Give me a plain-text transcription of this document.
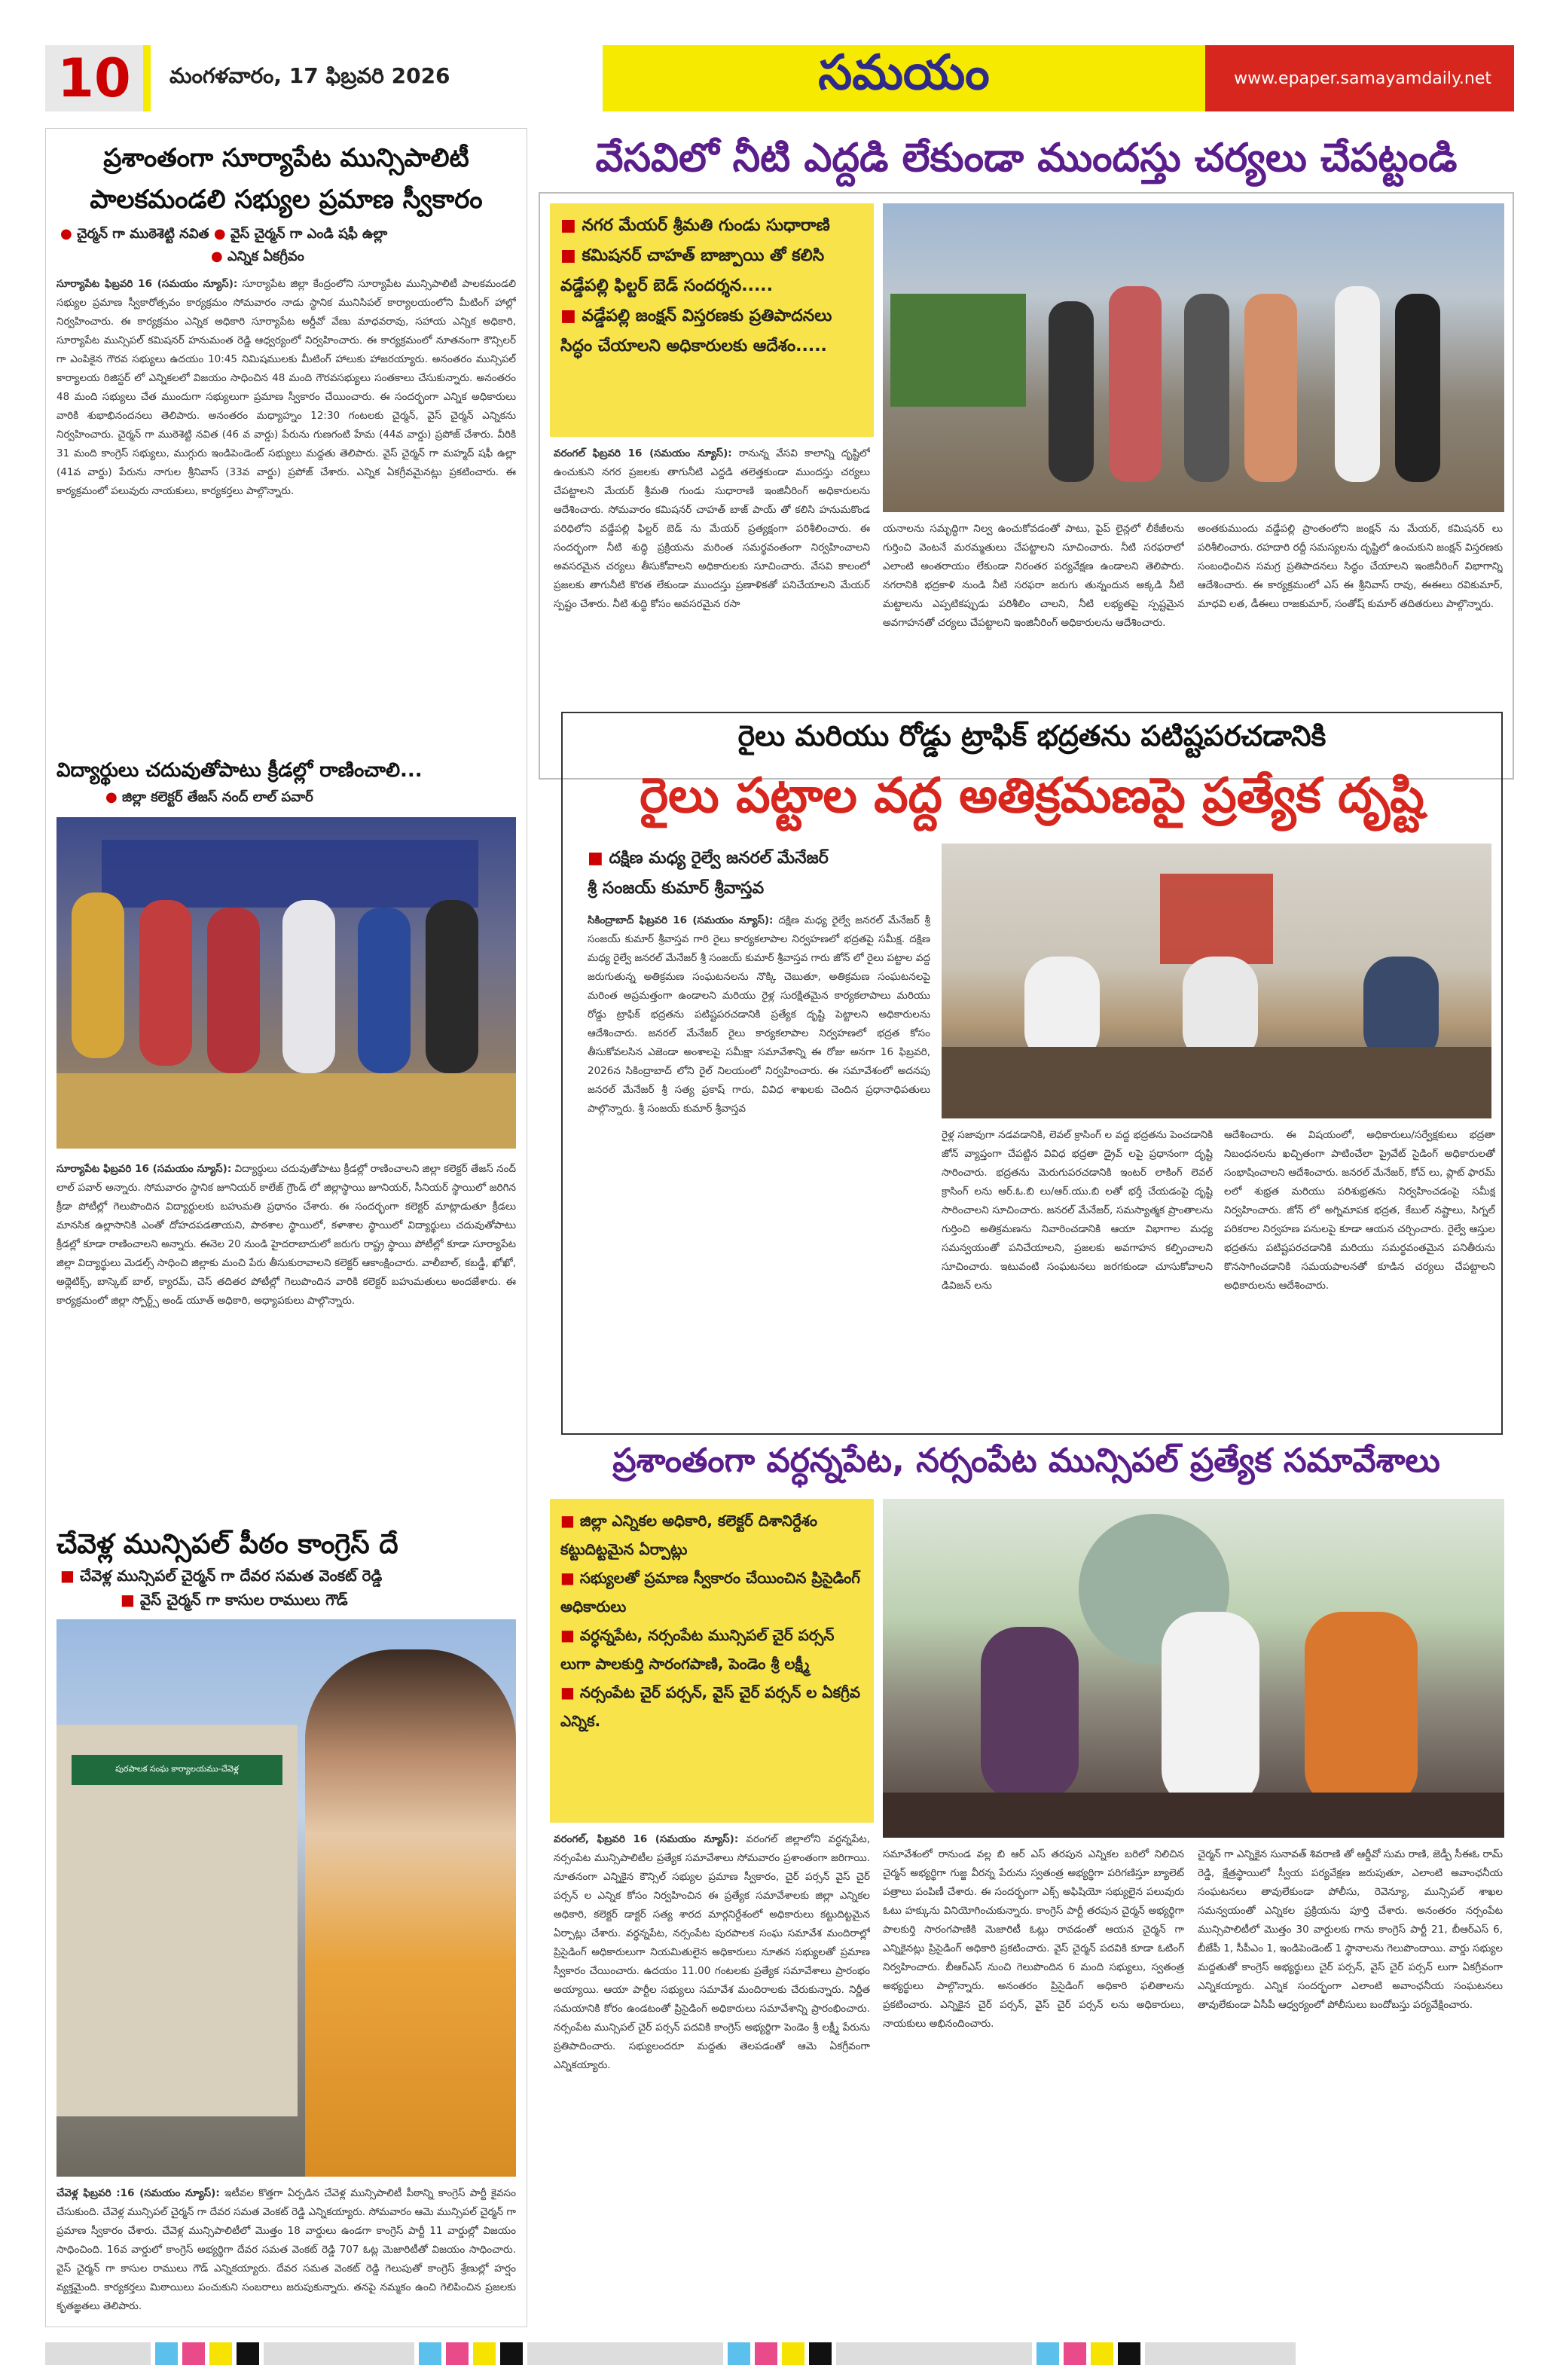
10	మంగళవారం, 17 ఫిబ్రవరి 2026	సమయం	www.epaper.samayamdaily.net
ప్రశాంతంగా సూర్యాపేట మున్సిపాలిటీ
పాలకమండలి సభ్యుల ప్రమాణ స్వీకారం
● చైర్మన్ గా ముఠెశెట్టి నవిత ● వైస్ చైర్మన్ గా ఎండి షఫీ ఉల్లా
● ఎన్నిక ఏకగ్రీవం
సూర్యాపేట ఫిబ్రవరి 16 (సమయం న్యూస్): సూర్యాపేట జిల్లా కేంద్రంలోని సూర్యాపేట మున్సిపాలిటీ పాలకమండలి సభ్యుల ప్రమాణ స్వీకారోత్సవం కార్యక్రమం సోమవారం నాడు స్థానిక మునిసిపల్ కార్యాలయంలోని మీటింగ్ హాల్లో నిర్వహించారు. ఈ కార్యక్రమం ఎన్నిక అధికారి సూర్యాపేట అర్డీవో వేణు మాధవరావు, సహాయ ఎన్నిక అధికారి, సూర్యాపేట మున్సిపల్ కమిషనర్ హనుమంత రెడ్డి ఆధ్వర్యంలో నిర్వహించారు. ఈ కార్యక్రమంలో నూతనంగా కౌన్సిలర్ గా ఎంపికైన గౌరవ సభ్యులు ఉదయం 10:45 నిమిషములకు మీటింగ్ హాలుకు హాజరయ్యారు. అనంతరం మున్సిపల్ కార్యాలయ రిజిస్టర్ లో ఎన్నికలలో విజయం సాధించిన 48 మంది గౌరవసభ్యులు సంతకాలు చేసుకున్నారు. అనంతరం 48 మంది సభ్యులు చేత ముందుగా సభ్యులుగా ప్రమాణ స్వీకారం చేయించారు. ఈ సందర్భంగా ఎన్నిక అధికారులు వారికి శుభాభినందనలు తెలిపారు. అనంతరం మధ్యాహ్నం 12:30 గంటలకు చైర్మన్, వైస్ చైర్మన్ ఎన్నికను నిర్వహించారు. చైర్మన్ గా ముఠెశెట్టి నవిత (46 వ వార్డు) పేరును గుణగంటి హేమ (44వ వార్డు) ప్రపోజ్ చేశారు. వీరికి 31 మంది కాంగ్రెస్ సభ్యులు, ముగ్గురు ఇండిపెండెంట్ సభ్యులు మద్దతు తెలిపారు. వైస్ చైర్మన్ గా మహ్మద్ షఫీ ఉల్లా (41వ వార్డు) పేరును నాగుల శ్రీనివాస్ (33వ వార్డు) ప్రపోజ్ చేశారు. ఎన్నిక ఏకగ్రీవమైనట్లు ప్రకటించారు. ఈ కార్యక్రమంలో పలువురు నాయకులు, కార్యకర్తలు పాల్గొన్నారు.
విద్యార్థులు చదువుతోపాటు క్రీడల్లో రాణించాలి...
● జిల్లా కలెక్టర్ తేజస్ నంద్ లాల్ పవార్
సూర్యాపేట ఫిబ్రవరి 16 (సమయం న్యూస్): విద్యార్థులు చదువుతోపాటు క్రీడల్లో రాణించాలని జిల్లా కలెక్టర్ తేజస్ నంద్ లాల్ పవార్ అన్నారు. సోమవారం స్థానిక జూనియర్ కాలేజ్ గ్రౌండ్ లో జిల్లాస్థాయి జూనియర్, సీనియర్ స్థాయిలో జరిగిన క్రీడా పోటీల్లో గెలుపొందిన విద్యార్థులకు బహుమతి ప్రధానం చేశారు. ఈ సందర్భంగా కలెక్టర్ మాట్లాడుతూ క్రీడలు మానసిక ఉల్లాసానికి ఎంతో దోహదపడతాయని, పాఠశాల స్థాయిలో, కళాశాల స్థాయిలో విద్యార్థులు చదువుతోపాటు క్రీడల్లో కూడా రాణించాలని అన్నారు. ఈనెల 20 నుండి హైదరాబాదులో జరుగు రాష్ట్ర స్థాయి పోటీల్లో కూడా సూర్యాపేట జిల్లా విద్యార్థులు మెడల్స్ సాధించి జిల్లాకు మంచి పేరు తీసుకురావాలని కలెక్టర్ ఆకాంక్షించారు. వాలీబాల్, కబడ్డీ, ఖోఖో, అథ్లెటిక్స్, బాస్కెట్ బాల్, క్యారమ్, చెస్ తదితర పోటీల్లో గెలుపొందిన వారికి కలెక్టర్ బహుమతులు అందజేశారు. ఈ కార్యక్రమంలో జిల్లా స్పోర్ట్స్ అండ్ యూత్ అధికారి, అధ్యాపకులు పాల్గొన్నారు.
చేవెళ్ల మున్సిపల్ పీఠం కాంగ్రెస్ దే
■ చేవెళ్ల మున్సిపల్ చైర్మన్ గా దేవర సమత వెంకట్ రెడ్డి
■ వైస్ చైర్మన్ గా కాసుల రాములు గౌడ్
పురపాలక సంఘ కార్యాలయము-చేవెళ్ల
చేవెళ్ల ఫిబ్రవరి :16 (సమయం న్యూస్): ఇటీవల కొత్తగా ఏర్పడిన చేవెళ్ల మున్సిపాలిటీ పీఠాన్ని కాంగ్రెస్ పార్టీ కైవసం చేసుకుంది. చేవెళ్ల మున్సిపల్ చైర్మన్ గా దేవర సమత వెంకట్ రెడ్డి ఎన్నికయ్యారు. సోమవారం ఆమె మున్సిపల్ చైర్మన్ గా ప్రమాణ స్వీకారం చేశారు. చేవెళ్ల మున్సిపాలిటీలో మొత్తం 18 వార్డులు ఉండగా కాంగ్రెస్ పార్టీ 11 వార్డుల్లో విజయం సాధించింది. 16వ వార్డులో కాంగ్రెస్ అభ్యర్థిగా దేవర సమత వెంకట్ రెడ్డి 707 ఓట్ల మెజారిటీతో విజయం సాధించారు. వైస్ చైర్మన్ గా కాసుల రాములు గౌడ్ ఎన్నికయ్యారు. దేవర సమత వెంకట్ రెడ్డి గెలుపుతో కాంగ్రెస్ శ్రేణుల్లో హర్షం వ్యక్తమైంది. కార్యకర్తలు మిఠాయిలు పంచుకుని సంబరాలు జరుపుకున్నారు. తనపై నమ్మకం ఉంచి గెలిపించిన ప్రజలకు కృతజ్ఞతలు తెలిపారు.
వేసవిలో నీటి ఎద్దడి లేకుండా ముందస్తు చర్యలు చేపట్టండి
■ నగర మేయర్ శ్రీమతి గుండు సుధారాణి
■ కమిషనర్ చాహత్ బాజ్పాయి తో కలిసి వడ్డేపల్లి ఫిల్టర్ బెడ్ సందర్శన.....
■ వడ్డేపల్లి జంక్షన్ విస్తరణకు ప్రతిపాదనలు సిద్ధం చేయాలని అధికారులకు ఆదేశం.....
వరంగల్ ఫిబ్రవరి 16 (సమయం న్యూస్): రానున్న వేసవి కాలాన్ని దృష్టిలో ఉంచుకుని నగర ప్రజలకు తాగునీటి ఎద్దడి తలెత్తకుండా ముందస్తు చర్యలు చేపట్టాలని మేయర్ శ్రీమతి గుండు సుధారాణి ఇంజినీరింగ్ అధికారులను ఆదేశించారు. సోమవారం కమిషనర్ చాహత్ బాజ్ పాయ్ తో కలిసి హనుమకొండ పరిధిలోని వడ్డేపల్లి ఫిల్టర్ బెడ్ ను మేయర్ ప్రత్యక్షంగా పరిశీలించారు. ఈ సందర్భంగా నీటి శుద్ధి ప్రక్రియను మరింత సమర్థవంతంగా నిర్వహించాలని అవసరమైన చర్యలు తీసుకోవాలని అధికారులకు సూచించారు. వేసవి కాలంలో ప్రజలకు తాగునీటి కొరత లేకుండా ముందస్తు ప్రణాళికతో పనిచేయాలని మేయర్ స్పష్టం చేశారు. నీటి శుద్ధి కోసం అవసరమైన రసా
యనాలను సమృద్ధిగా నిల్వ ఉంచుకోవడంతో పాటు, పైప్ లైన్లలో లీకేజీలను గుర్తించి వెంటనే మరమ్మతులు చేపట్టాలని సూచించారు. నీటి సరఫరాలో ఎలాంటి అంతరాయం లేకుండా నిరంతర పర్యవేక్షణ ఉండాలని తెలిపారు. నగరానికి భద్రకాళి నుండి నీటి సరఫరా జరుగు తున్నందున అక్కడి నీటి మట్టాలను ఎప్పటికప్పుడు పరిశీలిం చాలని, నీటి లభ్యతపై స్పష్టమైన అవగాహనతో చర్యలు చేపట్టాలని ఇంజినీరింగ్ అధికారులను ఆదేశించారు.
అంతకుముందు వడ్డేపల్లి ప్రాంతంలోని జంక్షన్ ను మేయర్, కమిషనర్ లు పరిశీలించారు. రహదారి రద్దీ సమస్యలను దృష్టిలో ఉంచుకుని జంక్షన్ విస్తరణకు సంబంధించిన సమగ్ర ప్రతిపాదనలు సిద్ధం చేయాలని ఇంజినీరింగ్ విభాగాన్ని ఆదేశించారు. ఈ కార్యక్రమంలో ఎస్ ఈ శ్రీనివాస్ రావు, ఈఈలు రవికుమార్, మాధవి లత, డీఈలు రాజకుమార్, సంతోష్ కుమార్ తదితరులు పాల్గొన్నారు.
రైలు మరియు రోడ్డు ట్రాఫిక్ భద్రతను పటిష్టపరచడానికి
రైలు పట్టాల వద్ద అతిక్రమణపై ప్రత్యేక దృష్టి
■ దక్షిణ మధ్య రైల్వే జనరల్ మేనేజర్
శ్రీ సంజయ్ కుమార్ శ్రీవాస్తవ
సికింద్రాబాద్ ఫిబ్రవరి 16 (సమయం న్యూస్): దక్షిణ మధ్య రైల్వే జనరల్ మేనేజర్ శ్రీ సంజయ్ కుమార్ శ్రీవాస్తవ గారి రైలు కార్యకలాపాల నిర్వహణలో భద్రతపై సమీక్ష. దక్షిణ మధ్య రైల్వే జనరల్ మేనేజర్ శ్రీ సంజయ్ కుమార్ శ్రీవాస్తవ గారు జోన్ లో రైలు పట్టాల వద్ద జరుగుతున్న అతిక్రమణ సంఘటనలను నొక్కి చెబుతూ, అతిక్రమణ సంఘటనలపై మరింత అప్రమత్తంగా ఉండాలని మరియు రైళ్ల సురక్షితమైన కార్యకలాపాలు మరియు రోడ్డు ట్రాఫిక్ భద్రతను పటిష్టపరచడానికి ప్రత్యేక దృష్టి పెట్టాలని అధికారులను ఆదేశించారు. జనరల్ మేనేజర్ రైలు కార్యకలాపాల నిర్వహణలో భద్రత కోసం తీసుకోవలసిన ఎజెండా అంశాలపై సమీక్షా సమావేశాన్ని ఈ రోజు అనగా 16 ఫిబ్రవరి, 2026న సికింద్రాబాద్ లోని రైల్ నిలయంలో నిర్వహించారు. ఈ సమావేశంలో అదనపు జనరల్ మేనేజర్ శ్రీ సత్య ప్రకాష్ గారు, వివిధ శాఖలకు చెందిన ప్రధానాధిపతులు పాల్గొన్నారు. శ్రీ సంజయ్ కుమార్ శ్రీవాస్తవ
రైళ్ల సజావుగా నడవడానికి, లెవల్ క్రాసింగ్ ల వద్ద భద్రతను పెంచడానికి జోన్ వ్యాప్తంగా చేపట్టిన వివిధ భద్రతా డ్రైవ్ లపై ప్రధానంగా దృష్టి సారించారు. భద్రతను మెరుగుపరచడానికి ఇంటర్ లాకింగ్ లెవల్ క్రాసింగ్ లను ఆర్.ఓ.బి లు/ఆర్.యు.బి లతో భర్తీ చేయడంపై దృష్టి సారించాలని సూచించారు. జనరల్ మేనేజర్, సమస్యాత్మక ప్రాంతాలను గుర్తించి అతిక్రమణను నివారించడానికి ఆయా విభాగాల మధ్య సమన్వయంతో పనిచేయాలని, ప్రజలకు అవగాహన కల్పించాలని సూచించారు. ఇటువంటి సంఘటనలు జరగకుండా చూసుకోవాలని డివిజన్ లను
ఆదేశించారు. ఈ విషయంలో, అధికారులు/సర్వేక్షకులు భద్రతా నిబంధనలను ఖచ్చితంగా పాటించేలా ప్రైవేట్ సైడింగ్ అధికారులతో సంభాషించాలని ఆదేశించారు. జనరల్ మేనేజర్, కోచ్ లు, ప్లాట్ ఫారమ్ లలో శుభ్రత మరియు పరిశుభ్రతను నిర్వహించడంపై సమీక్ష నిర్వహించారు. జోన్ లో అగ్నిమాపక భద్రత, కేబుల్ నష్టాలు, సిగ్నల్ పరికరాల నిర్వహణ పనులపై కూడా ఆయన చర్చించారు. రైల్వే ఆస్తుల భద్రతను పటిష్టపరచడానికి మరియు సమర్థవంతమైన పనితీరును కొనసాగించడానికి సమయపాలనతో కూడిన చర్యలు చేపట్టాలని అధికారులను ఆదేశించారు.
ప్రశాంతంగా వర్ధన్నపేట, నర్సంపేట మున్సిపల్ ప్రత్యేక సమావేశాలు
■ జిల్లా ఎన్నికల అధికారి, కలెక్టర్ దిశానిర్దేశం కట్టుదిట్టమైన ఏర్పాట్లు
■ సభ్యులతో ప్రమాణ స్వీకారం చేయించిన ప్రిసైడింగ్ అధికారులు
■ వర్ధన్నపేట, నర్సంపేట మున్సిపల్ చైర్ పర్సన్ లుగా పాలకుర్తి సారంగపాణి, పెండెం శ్రీ లక్ష్మీ
■ నర్సంపేట చైర్ పర్సన్, వైస్ చైర్ పర్సన్ ల ఏకగ్రీవ ఎన్నిక.
వరంగల్, ఫిబ్రవరి 16 (సమయం న్యూస్): వరంగల్ జిల్లాలోని వర్ధన్నపేట, నర్సంపేట మున్సిపాలిటీల ప్రత్యేక సమావేశాలు సోమవారం ప్రశాంతంగా జరిగాయి. నూతనంగా ఎన్నికైన కౌన్సిల్ సభ్యుల ప్రమాణ స్వీకారం, చైర్ పర్సన్ వైస్ చైర్ పర్సన్ ల ఎన్నిక కోసం నిర్వహించిన ఈ ప్రత్యేక సమావేశాలకు జిల్లా ఎన్నికల అధికారి, కలెక్టర్ డాక్టర్ సత్య శారద మార్గనిర్దేశంలో అధికారులు కట్టుదిట్టమైన ఏర్పాట్లు చేశారు. వర్ధన్నపేట, నర్సంపేట పురపాలక సంఘ సమావేశ మందిరాల్లో ప్రిసైడింగ్ అధికారులుగా నియమితులైన అధికారులు నూతన సభ్యులతో ప్రమాణ స్వీకారం చేయించారు. ఉదయం 11.00 గంటలకు ప్రత్యేక సమావేశాలు ప్రారంభం అయ్యాయి. ఆయా పార్టీల సభ్యులు సమావేశ మందిరాలకు చేరుకున్నారు. నిర్ణీత సమయానికి కోరం ఉండటంతో ప్రిసైడింగ్ అధికారులు సమావేశాన్ని ప్రారంభించారు. నర్సంపేట మున్సిపల్ చైర్ పర్సన్ పదవికి కాంగ్రెస్ అభ్యర్థిగా పెండెం శ్రీ లక్ష్మీ పేరును ప్రతిపాదించారు. సభ్యులందరూ మద్దతు తెలపడంతో ఆమె ఏకగ్రీవంగా ఎన్నికయ్యారు.
సమావేశంలో రానుండ వల్ల బి ఆర్ ఎస్ తరపున ఎన్నికల బరిలో నిలిచిన చైర్మన్ అభ్యర్థిగా గుజ్జ వీరన్న పేరును స్వతంత్ర అభ్యర్థిగా పరిగణిస్తూ బ్యాలెట్ పత్రాలు పంపిణీ చేశారు. ఈ సందర్భంగా ఎక్స్ అఫిషియో సభ్యులైన పలువురు ఓటు హక్కును వినియోగించుకున్నారు. కాంగ్రెస్ పార్టీ తరపున చైర్మన్ అభ్యర్థిగా పాలకుర్తి సారంగపాణికి మెజారిటీ ఓట్లు రావడంతో ఆయన చైర్మన్ గా ఎన్నికైనట్లు ప్రిసైడింగ్ అధికారి ప్రకటించారు. వైస్ చైర్మన్ పదవికి కూడా ఓటింగ్ నిర్వహించారు. బీఆర్ఎస్ నుంచి గెలుపొందిన 6 మంది సభ్యులు, స్వతంత్ర అభ్యర్థులు పాల్గొన్నారు. అనంతరం ప్రిసైడింగ్ అధికారి ఫలితాలను ప్రకటించారు. ఎన్నికైన చైర్ పర్సన్, వైస్ చైర్ పర్సన్ లను అధికారులు, నాయకులు అభినందించారు.
చైర్మన్ గా ఎన్నికైన సునావత్ శివరాణి తో ఆర్డీవో సుమ రాణి, జెడ్పీ సీఈఓ రామ్ రెడ్డి, క్షేత్రస్థాయిలో స్వీయ పర్యవేక్షణ జరుపుతూ, ఎలాంటి అవాంఛనీయ సంఘటనలు తావులేకుండా పోలీసు, రెవెన్యూ, మున్సిపల్ శాఖల సమన్వయంతో ఎన్నికల ప్రక్రియను పూర్తి చేశారు. అనంతరం నర్సంపేట మున్సిపాలిటీలో మొత్తం 30 వార్డులకు గాను కాంగ్రెస్ పార్టీ 21, బీఆర్ఎస్ 6, బీజేపీ 1, సీపీఎం 1, ఇండిపెండెంట్ 1 స్థానాలను గెలుపొందాయి. వార్డు సభ్యుల మద్దతుతో కాంగ్రెస్ అభ్యర్థులు చైర్ పర్సన్, వైస్ చైర్ పర్సన్ లుగా ఏకగ్రీవంగా ఎన్నికయ్యారు. ఎన్నిక సందర్భంగా ఎలాంటి అవాంఛనీయ సంఘటనలు తావులేకుండా ఏసీపీ ఆధ్వర్యంలో పోలీసులు బందోబస్తు పర్యవేక్షించారు.
